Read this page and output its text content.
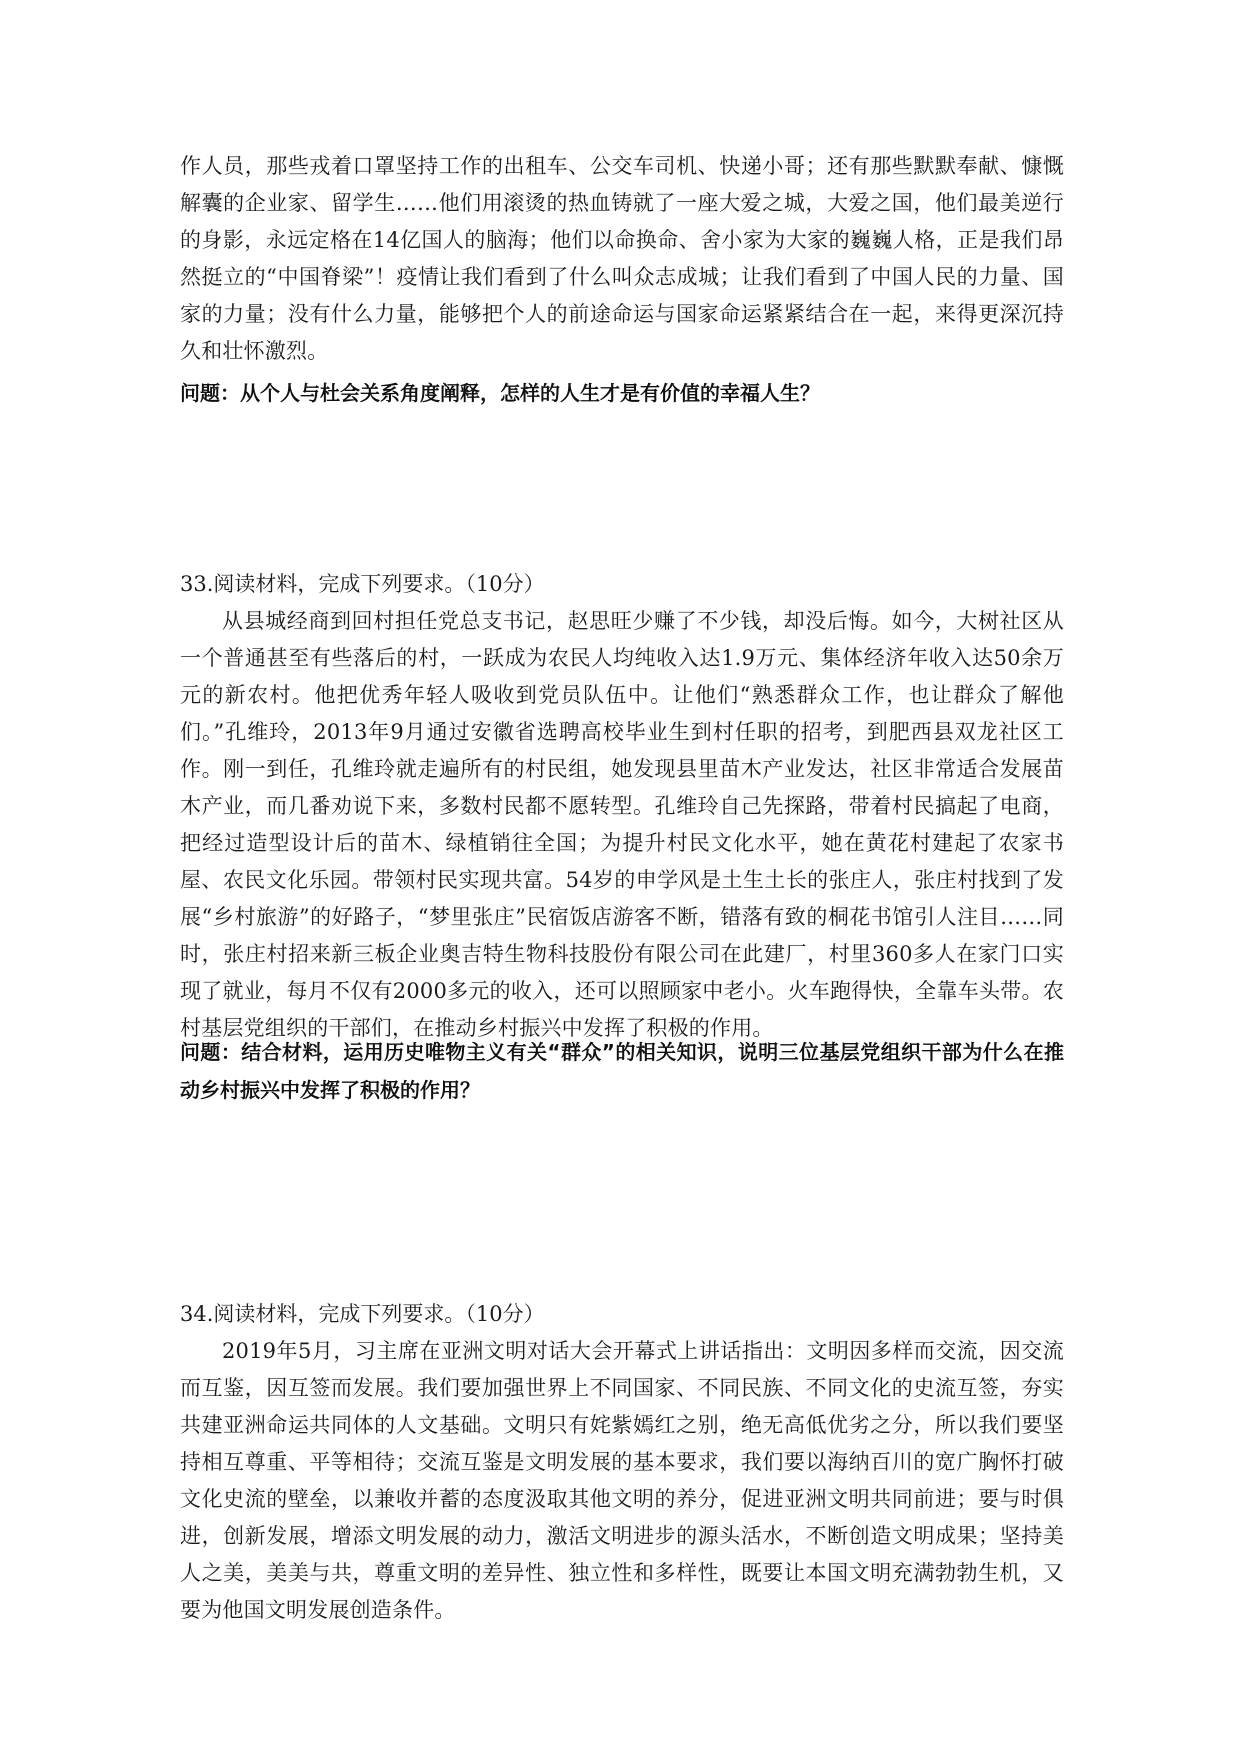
作人员，那些戎着口罩坚持工作的出租车、公交车司机、快递小哥；还有那些默默奉献、慷慨解囊的企业家、留学生……他们用滚烫的热血铸就了一座大爱之城，大爱之国，他们最美逆行的身影，永远定格在14亿国人的脑海；他们以命换命、舍小家为大家的巍巍人格，正是我们昂然挺立的“中国脊梁”！疫情让我们看到了什么叫众志成城；让我们看到了中国人民的力量、国家的力量；没有什么力量，能够把个人的前途命运与国家命运紧紧结合在一起，来得更深沉持久和壮怀激烈。

问题：从个人与杜会关系角度阐释，怎样的人生才是有价值的幸福人生？

33.阅读材料，完成下列要求。（10分）

从县城经商到回村担任党总支书记，赵思旺少赚了不少钱，却没后悔。如今，大树社区从一个普通甚至有些落后的村，一跃成为农民人均纯收入达1.9万元、集体经济年收入达50余万元的新农村。他把优秀年轻人吸收到党员队伍中。让他们“熟悉群众工作，也让群众了解他们。”孔维玲，2013年9月通过安徽省选聘高校毕业生到村任职的招考，到肥西县双龙社区工作。刚一到任，孔维玲就走遍所有的村民组，她发现县里苗木产业发达，社区非常适合发展苗木产业，而几番劝说下来，多数村民都不愿转型。孔维玲自己先探路，带着村民搞起了电商，把经过造型设计后的苗木、绿植销往全国；为提升村民文化水平，她在黄花村建起了农家书屋、农民文化乐园。带领村民实现共富。54岁的申学风是土生土长的张庄人，张庄村找到了发展“乡村旅游”的好路子，“梦里张庄”民宿饭店游客不断，错落有致的桐花书馆引人注目……同时，张庄村招来新三板企业奥吉特生物科技股份有限公司在此建厂，村里360多人在家门口实现了就业，每月不仅有2000多元的收入，还可以照顾家中老小。火车跑得快，全靠车头带。农村基层党组织的干部们，在推动乡村振兴中发挥了积极的作用。

问题：结合材料，运用历史唯物主义有关“群众”的相关知识，说明三位基层党组织干部为什么在推动乡村振兴中发挥了积极的作用？

34.阅读材料，完成下列要求。（10分）

2019年5月，习主席在亚洲文明对话大会开幕式上讲话指出：文明因多样而交流，因交流而互鉴，因互签而发展。我们要加强世界上不同国家、不同民族、不同文化的史流互签，夯实共建亚洲命运共同体的人文基础。文明只有姹紫嫣红之别，绝无高低优劣之分，所以我们要坚持相互尊重、平等相待；交流互鉴是文明发展的基本要求，我们要以海纳百川的宽广胸怀打破文化史流的壁垒，以兼收并蓄的态度汲取其他文明的养分，促进亚洲文明共同前进；要与时俱进，创新发展，增添文明发展的动力，激活文明进步的源头活水，不断创造文明成果；坚持美人之美，美美与共，尊重文明的差异性、独立性和多样性，既要让本国文明充满勃勃生机，又要为他国文明发展创造条件。
